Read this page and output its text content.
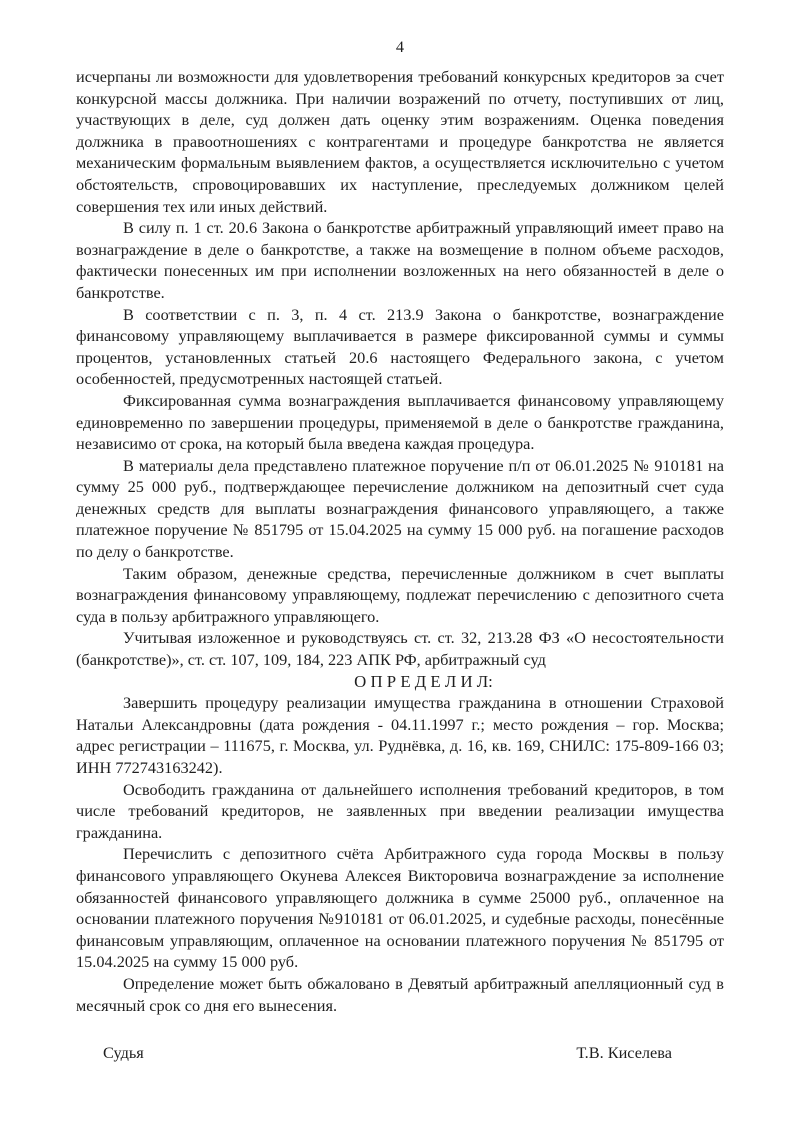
4

исчерпаны ли возможности для удовлетворения требований конкурсных кредиторов за счет конкурсной массы должника. При наличии возражений по отчету, поступивших от лиц, участвующих в деле, суд должен дать оценку этим возражениям. Оценка поведения должника в правоотношениях с контрагентами и процедуре банкротства не является механическим формальным выявлением фактов, а осуществляется исключительно с учетом обстоятельств, спровоцировавших их наступление, преследуемых должником целей совершения тех или иных действий.

В силу п. 1 ст. 20.6 Закона о банкротстве арбитражный управляющий имеет право на вознаграждение в деле о банкротстве, а также на возмещение в полном объеме расходов, фактически понесенных им при исполнении возложенных на него обязанностей в деле о банкротстве.

В соответствии с п. 3, п. 4 ст. 213.9 Закона о банкротстве, вознаграждение финансовому управляющему выплачивается в размере фиксированной суммы и суммы процентов, установленных статьей 20.6 настоящего Федерального закона, с учетом особенностей, предусмотренных настоящей статьей.

Фиксированная сумма вознаграждения выплачивается финансовому управляющему единовременно по завершении процедуры, применяемой в деле о банкротстве гражданина, независимо от срока, на который была введена каждая процедура.

В материалы дела представлено платежное поручение п/п от 06.01.2025 № 910181 на сумму 25 000 руб., подтверждающее перечисление должником на депозитный счет суда денежных средств для выплаты вознаграждения финансового управляющего, а также платежное поручение № 851795 от 15.04.2025 на сумму 15 000 руб. на погашение расходов по делу о банкротстве.

Таким образом, денежные средства, перечисленные должником в счет выплаты вознаграждения финансовому управляющему, подлежат перечислению с депозитного счета суда в пользу арбитражного управляющего.

Учитывая изложенное и руководствуясь ст. ст. 32, 213.28 ФЗ «О несостоятельности (банкротстве)», ст. ст. 107, 109, 184, 223 АПК РФ, арбитражный суд

О П Р Е Д Е Л И Л:

Завершить процедуру реализации имущества гражданина в отношении Страховой Натальи Александровны (дата рождения - 04.11.1997 г.; место рождения – гор. Москва; адрес регистрации – 111675, г. Москва, ул. Руднёвка, д. 16, кв. 169, СНИЛС: 175-809-166 03; ИНН 772743163242).

Освободить гражданина от дальнейшего исполнения требований кредиторов, в том числе требований кредиторов, не заявленных при введении реализации имущества гражданина.

Перечислить с депозитного счёта Арбитражного суда города Москвы в пользу финансового управляющего Окунева Алексея Викторовича вознаграждение за исполнение обязанностей финансового управляющего должника в сумме 25000 руб., оплаченное на основании платежного поручения №910181 от 06.01.2025, и судебные расходы, понесённые финансовым управляющим, оплаченное на основании платежного поручения № 851795 от 15.04.2025 на сумму 15 000 руб.

Определение может быть обжаловано в Девятый арбитражный апелляционный суд в месячный срок со дня его вынесения.

Судья	Т.В. Киселева
